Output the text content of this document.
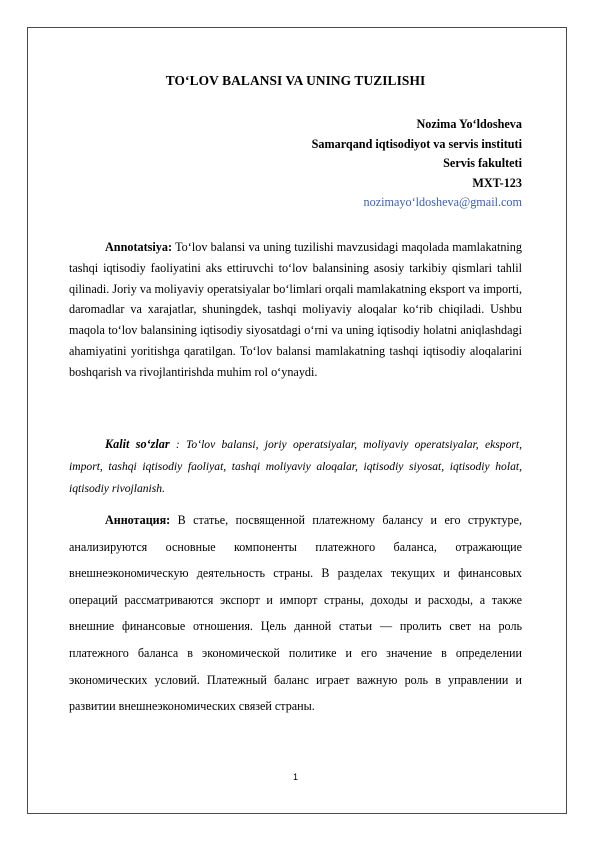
TO‘LOV BALANSI VA UNING TUZILISHI
Nozima Yo‘ldosheva
Samarqand iqtisodiyot va servis instituti
Servis fakulteti
MXT-123
nozimayo‘ldosheva@gmail.com
Annotatsiya: To‘lov balansi va uning tuzilishi mavzusidagi maqolada mamlakatning tashqi iqtisodiy faoliyatini aks ettiruvchi to‘lov balansining asosiy tarkibiy qismlari tahlil qilinadi. Joriy va moliyaviy operatsiyalar bo‘limlari orqali mamlakatning eksport va importi, daromadlar va xarajatlar, shuningdek, tashqi moliyaviy aloqalar ko‘rib chiqiladi. Ushbu maqola to‘lov balansining iqtisodiy siyosatdagi o‘rni va uning iqtisodiy holatni aniqlashdagi ahamiyatini yoritishga qaratilgan. To‘lov balansi mamlakatning tashqi iqtisodiy aloqalarini boshqarish va rivojlantirishda muhim rol o‘ynaydi.
Kalit so‘zlar : To‘lov balansi, joriy operatsiyalar, moliyaviy operatsiyalar, eksport, import, tashqi iqtisodiy faoliyat, tashqi moliyaviy aloqalar, iqtisodiy siyosat, iqtisodiy holat, iqtisodiy rivojlanish.
Аннотация: В статье, посвященной платежному балансу и его структуре, анализируются основные компоненты платежного баланса, отражающие внешнеэкономическую деятельность страны. В разделах текущих и финансовых операций рассматриваются экспорт и импорт страны, доходы и расходы, а также внешние финансовые отношения. Цель данной статьи — пролить свет на роль платежного баланса в экономической политике и его значение в определении экономических условий. Платежный баланс играет важную роль в управлении и развитии внешнеэкономических связей страны.
1
